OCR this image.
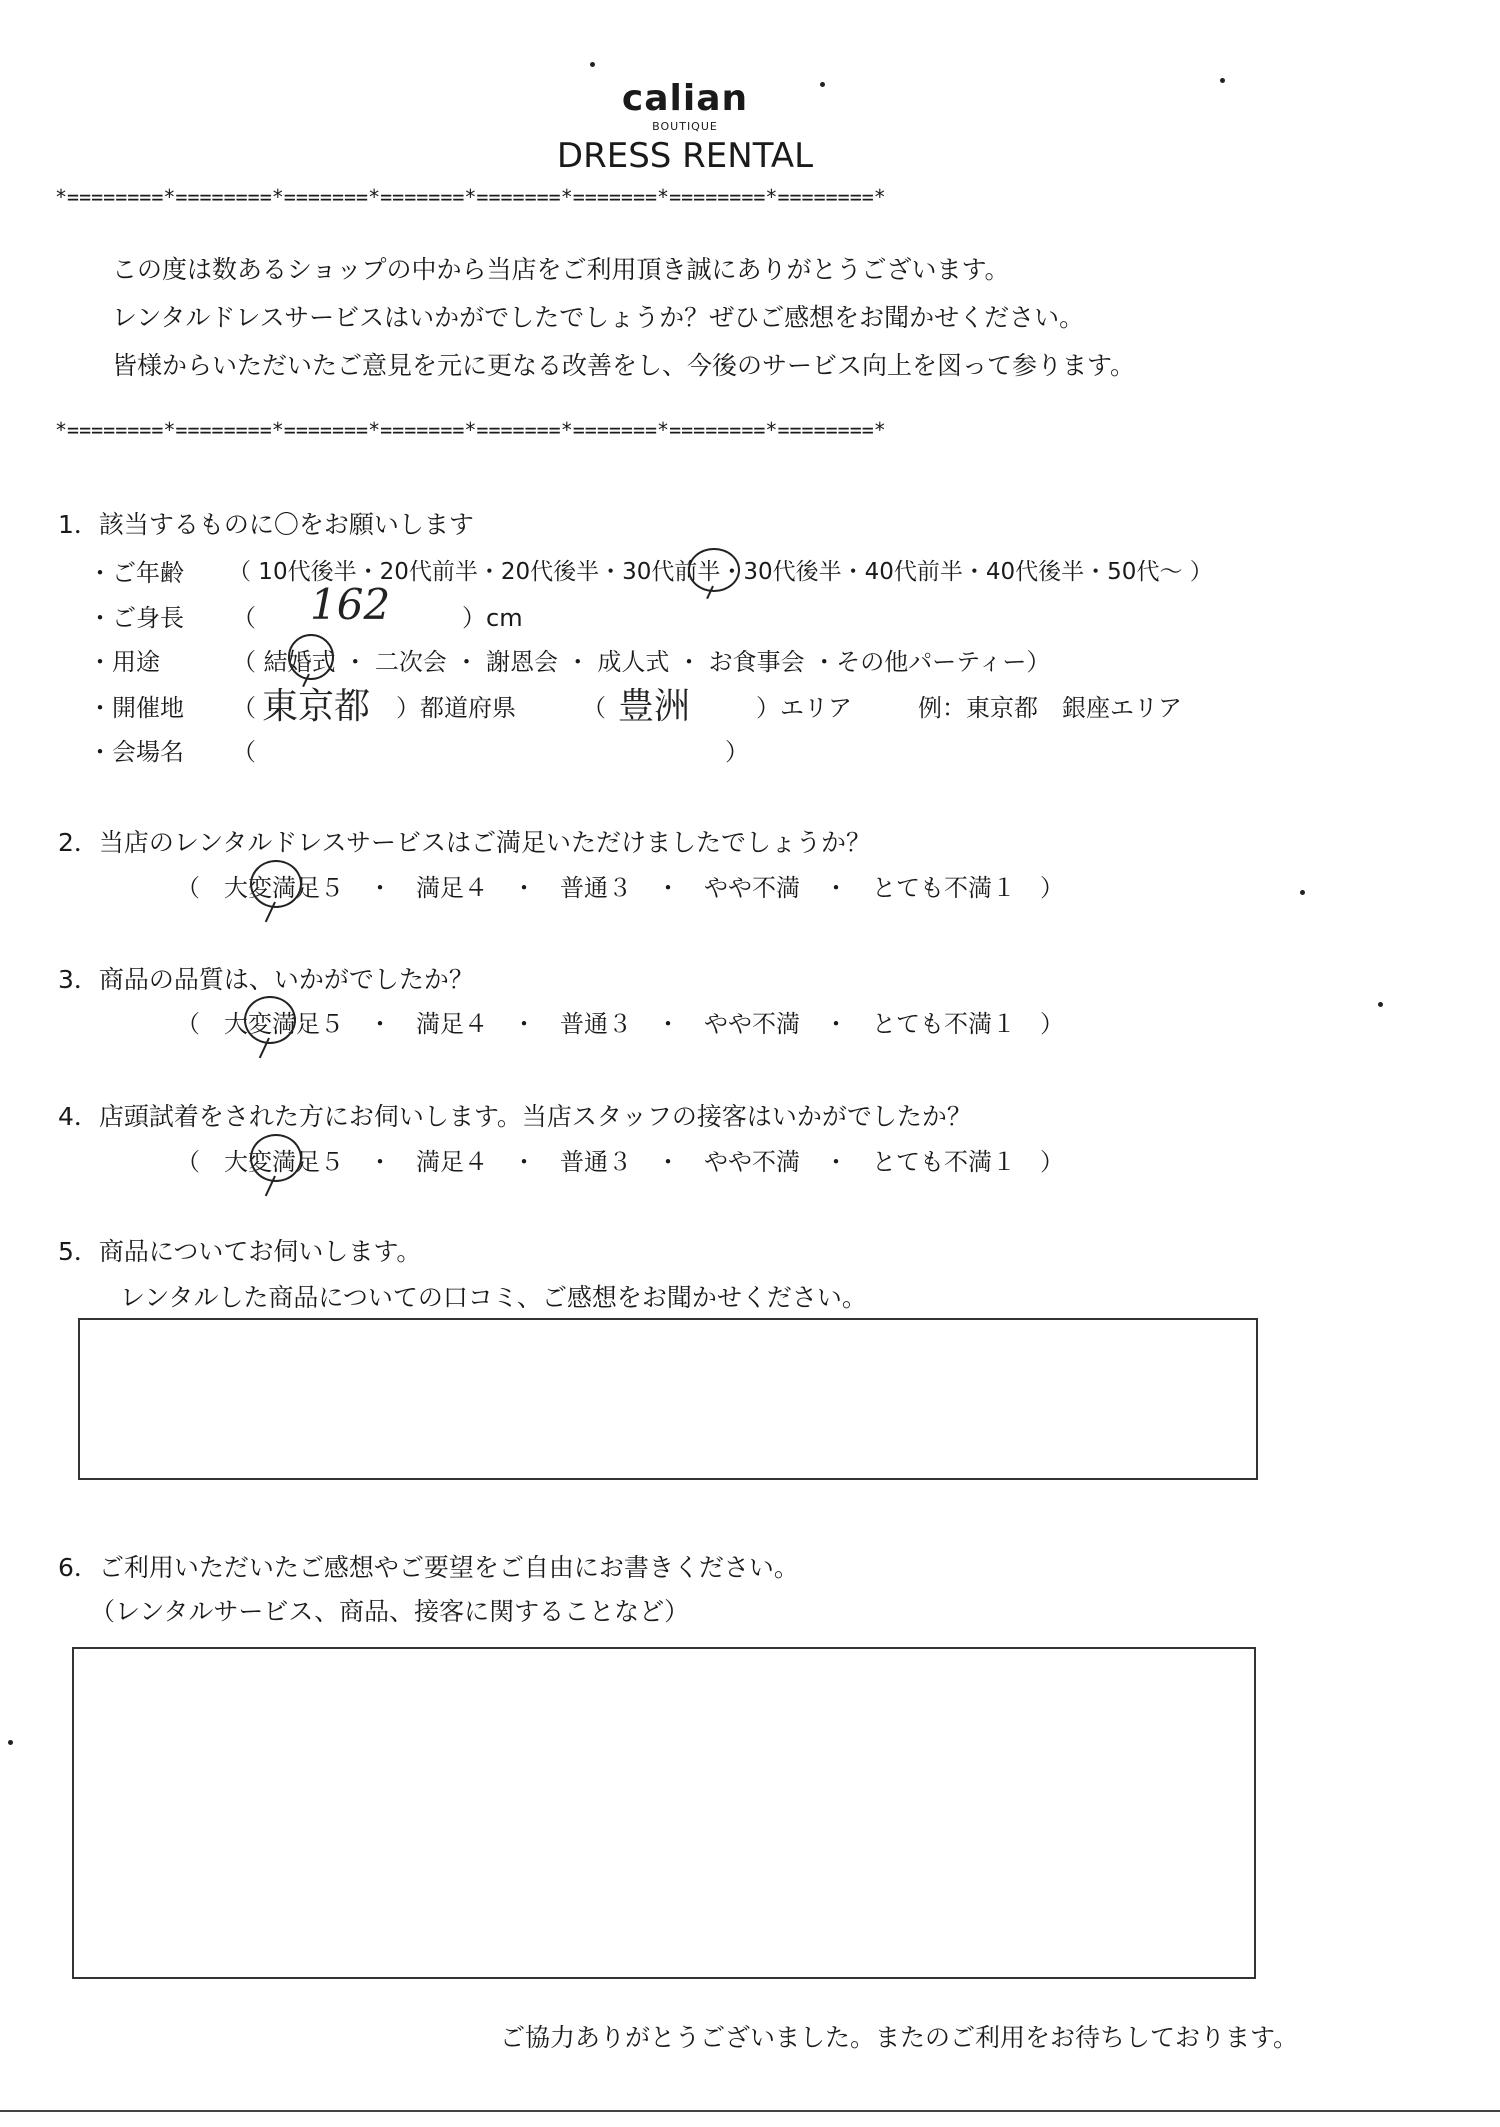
calian
BOUTIQUE
DRESS RENTAL
*========*========*=======*=======*=======*=======*========*========*
この度は数あるショップの中から当店をご利用頂き誠にありがとうございます。
レンタルドレスサービスはいかがでしたでしょうか？ぜひご感想をお聞かせください。
皆様からいただいたご意見を元に更なる改善をし、今後のサービス向上を図って参ります。
*========*========*=======*=======*=======*=======*========*========*
1．該当するものに〇をお願いします
・ご年齢 （ 10代後半・20代前半・20代後半・30代前半・30代後半・40代前半・40代後半・50代〜 ）
・ご身長 （ 162	）cm
・用途	（ 結婚式 ・ 二次会 ・ 謝恩会 ・ 成人式 ・ お食事会 ・その他パーティー）
・開催地 （ 東京都 ）都道府県	（ 豊洲	）エリア	例：東京都　銀座エリア
・会場名 （	）
2．当店のレンタルドレスサービスはご満足いただけましたでしょうか？
（　大変満足５　・　満足４　・　普通３　・　やや不満　・　とても不満１　）
3．商品の品質は、いかがでしたか？
（　大変満足５　・　満足４　・　普通３　・　やや不満　・　とても不満１　）
4．店頭試着をされた方にお伺いします。当店スタッフの接客はいかがでしたか？
（　大変満足５　・　満足４　・　普通３　・　やや不満　・　とても不満１　）
5．商品についてお伺いします。
レンタルした商品についての口コミ、ご感想をお聞かせください。
6．ご利用いただいたご感想やご要望をご自由にお書きください。
（レンタルサービス、商品、接客に関することなど）
ご協力ありがとうございました。またのご利用をお待ちしております。
